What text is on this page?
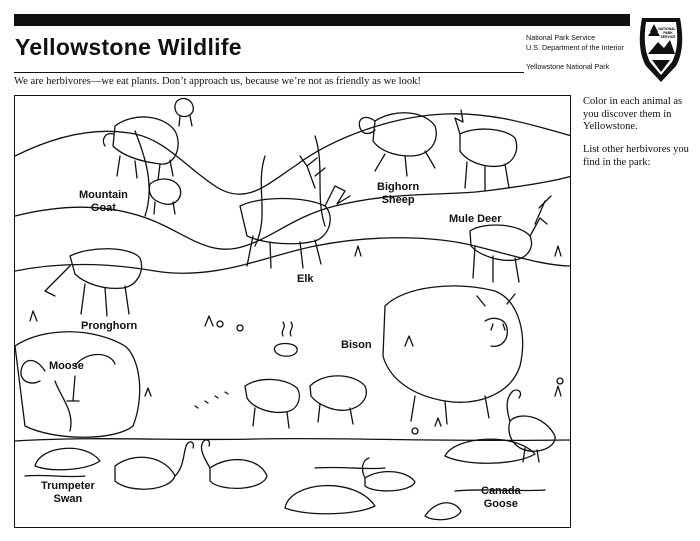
Yellowstone Wildlife	National Park Service
U.S. Department of the Interior
Yellowstone National Park
NATIONAL
PARK
SERVICE
We are herbivores—we eat plants. Don’t approach us, because we’re not as friendly as we look!
Mountain
Goat
Bighorn
Sheep
Mule Deer
Elk
Pronghorn
Moose
Bison
Trumpeter
Swan
Canada
Goose
Color in each animal as you discover them in Yellowstone.
List other herbivores you find in the park:
